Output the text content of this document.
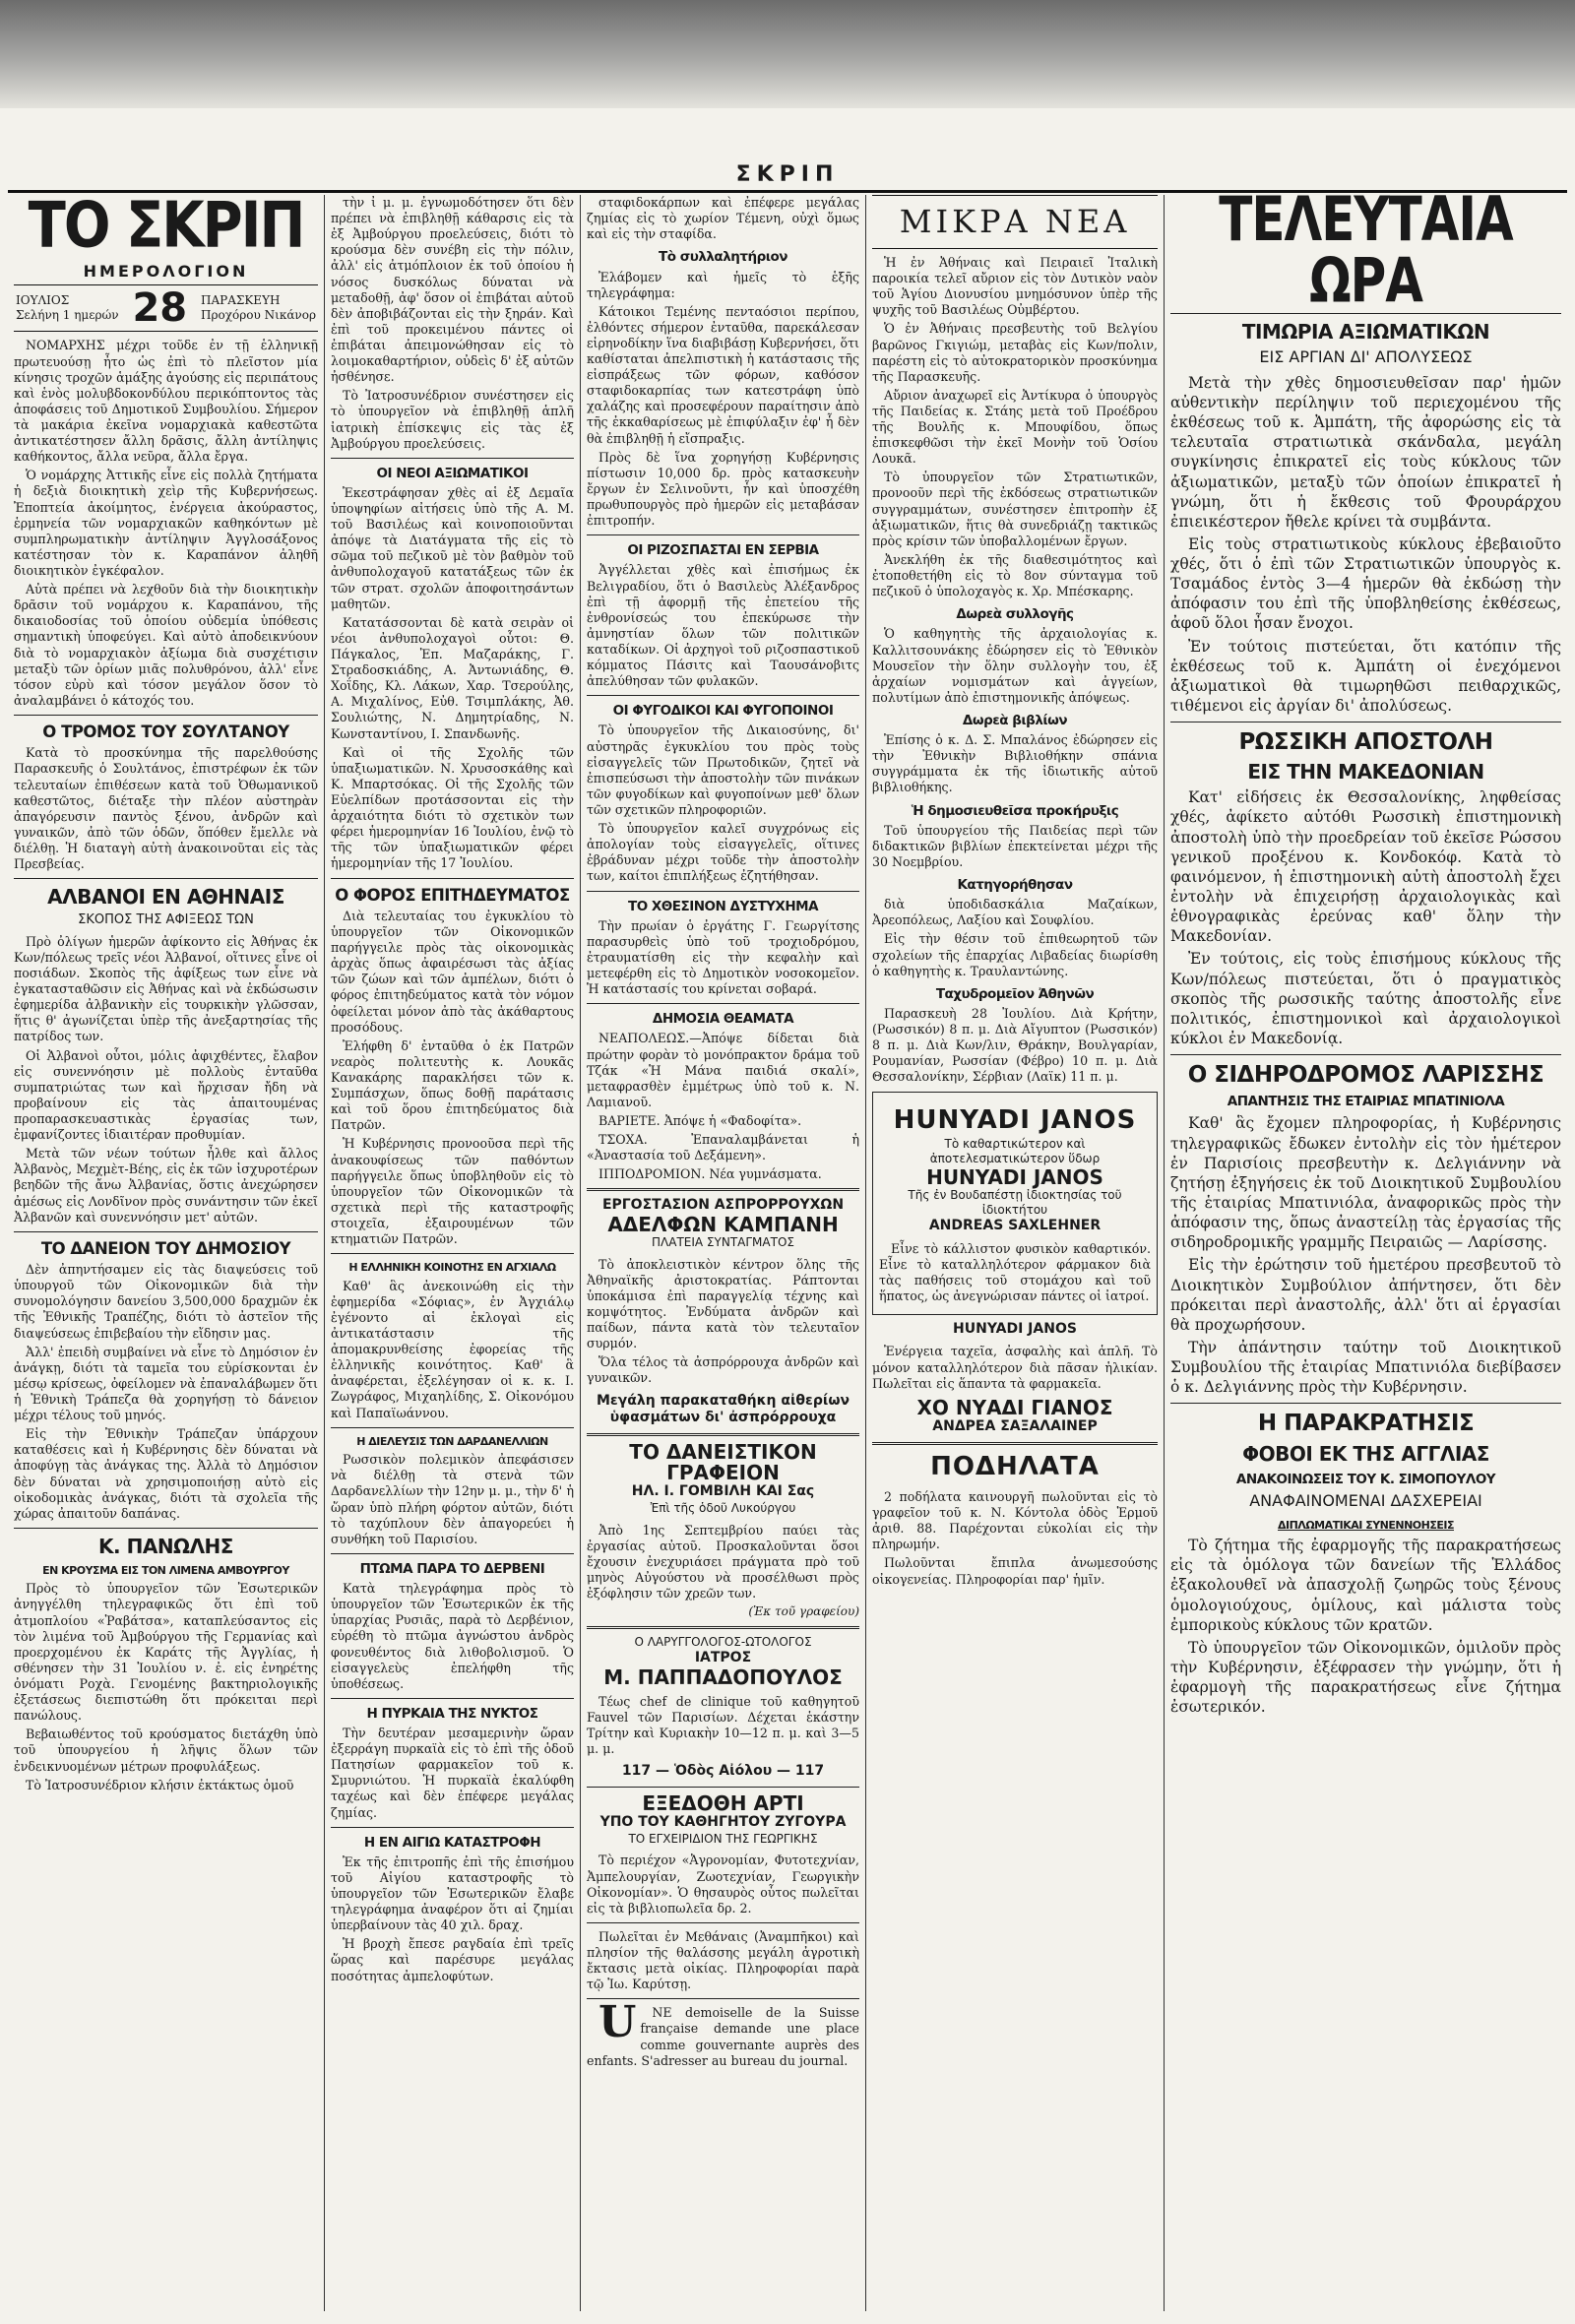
ΣΚΡΙΠ
ΤΟ ΣΚΡΙΠ
ΗΜΕΡΟΛΟΓΙΟΝ
ΙΟΥΛΙΟΣ
Σελήνη 1 ημερών 28 ΠΑΡΑΣΚΕΥΗ
Προχόρου Νικάνορ

ΝΟΜΑΡΧΗΣ μέχρι τοῦδε ἐν τῇ ἑλληνικῇ πρωτευούσῃ ἦτο ὡς ἐπὶ τὸ πλεῖστον μία κίνησις τροχῶν ἁμάξης ἀγούσης εἰς περιπάτους καὶ ἑνὸς μολυβδοκονδύλου περικόπτοντος τὰς ἀποφάσεις τοῦ Δημοτικοῦ Συμβουλίου. Σήμερον τὰ μακάρια ἐκεῖνα νομαρχιακὰ καθεστῶτα ἀντικατέστησεν ἄλλη δρᾶσις, ἄλλη ἀντίληψις καθήκοντος, ἄλλα νεῦρα, ἄλλα ἔργα.

Ὁ νομάρχης Ἀττικῆς εἶνε εἰς πολλὰ ζητήματα ἡ δεξιὰ διοικητικὴ χεὶρ τῆς Κυβερνήσεως. Ἐποπτεία ἀκοίμητος, ἐνέργεια ἀκούραστος, ἑρμηνεία τῶν νομαρχιακῶν καθηκόντων μὲ συμπληρωματικὴν ἀντίληψιν Ἀγγλοσάξονος κατέστησαν τὸν κ. Καραπάνον ἀληθῆ διοικητικὸν ἐγκέφαλον.

Αὐτὰ πρέπει νὰ λεχθοῦν διὰ τὴν διοικητικὴν δρᾶσιν τοῦ νομάρχου κ. Καραπάνου, τῆς δικαιοδοσίας τοῦ ὁποίου οὐδεμία ὑπόθεσις σημαντικὴ ὑποφεύγει. Καὶ αὐτὸ ἀποδεικνύουν διὰ τὸ νομαρχιακὸν ἀξίωμα διὰ συσχέτισιν μεταξὺ τῶν ὁρίων μιᾶς πολυθρόνου, ἀλλ' εἶνε τόσον εὐρὺ καὶ τόσον μεγάλον ὅσον τὸ ἀναλαμβάνει ὁ κάτοχός του.

Ο ΤΡΟΜΟΣ ΤΟΥ ΣΟΥΛΤΑΝΟΥ

Κατὰ τὸ προσκύνημα τῆς παρελθούσης Παρασκευῆς ὁ Σουλτάνος, ἐπιστρέφων ἐκ τῶν τελευταίων ἐπιθέσεων κατὰ τοῦ Ὀθωμανικοῦ καθεστῶτος, διέταξε τὴν πλέον αὐστηρὰν ἀπαγόρευσιν παντὸς ξένου, ἀνδρῶν καὶ γυναικῶν, ἀπὸ τῶν ὁδῶν, ὅπόθεν ἔμελλε νὰ διέλθῃ. Ἡ διαταγὴ αὐτὴ ἀνακοινοῦται εἰς τὰς Πρεσβείας.

ΑΛΒΑΝΟΙ ΕΝ ΑΘΗΝΑΙΣ
ΣΚΟΠΟΣ ΤΗΣ ΑΦΙΞΕΩΣ ΤΩΝ

Πρὸ ὀλίγων ἡμερῶν ἀφίκοντο εἰς Ἀθήνας ἐκ Κων/πόλεως τρεῖς νέοι Ἀλβανοί, οἵτινες εἶνε οἱ ποσιάδων. Σκοπὸς τῆς ἀφίξεως των εἶνε νὰ ἐγκατασταθῶσιν εἰς Ἀθήνας καὶ νὰ ἐκδώσωσιν ἐφημερίδα ἀλβανικὴν εἰς τουρκικὴν γλῶσσαν, ἥτις θ' ἀγωνίζεται ὑπὲρ τῆς ἀνεξαρτησίας τῆς πατρίδος των.

Οἱ Ἀλβανοὶ οὗτοι, μόλις ἀφιχθέντες, ἔλαβον εἰς συνεννόησιν μὲ πολλοὺς ἐνταῦθα συμπατριώτας των καὶ ἤρχισαν ἤδη νὰ προβαίνουν εἰς τὰς ἀπαιτουμένας προπαρασκευαστικὰς ἐργασίας των, ἐμφανίζοντες ἰδιαιτέραν προθυμίαν.

Μετὰ τῶν νέων τούτων ἦλθε καὶ ἄλλος Ἀλβανὸς, Μεχμὲτ-Βέης, εἰς ἐκ τῶν ἰσχυροτέρων βεηδῶν τῆς ἄνω Ἀλβανίας, ὅστις ἀνεχώρησεν ἀμέσως εἰς Λονδῖνον πρὸς συνάντησιν τῶν ἐκεῖ Ἀλβανῶν καὶ συνεννόησιν μετ' αὐτῶν.

ΤΟ ΔΑΝΕΙΟΝ ΤΟΥ ΔΗΜΟΣΙΟΥ

Δὲν ἀπηντήσαμεν εἰς τὰς διαψεύσεις τοῦ ὑπουργοῦ τῶν Οἰκονομικῶν διὰ τὴν συνομολόγησιν δανείου 3,500,000 δραχμῶν ἐκ τῆς Ἐθνικῆς Τραπέζης, διότι τὸ ἀστεῖον τῆς διαψεύσεως ἐπιβεβαίου τὴν εἴδησιν μας.

Ἀλλ' ἐπειδὴ συμβαίνει νὰ εἶνε τὸ Δημόσιον ἐν ἀνάγκῃ, διότι τὰ ταμεῖα του εὑρίσκονται ἐν μέσῳ κρίσεως, ὀφείλομεν νὰ ἐπαναλάβωμεν ὅτι ἡ Ἐθνικὴ Τράπεζα θὰ χορηγήσῃ τὸ δάνειον μέχρι τέλους τοῦ μηνός.

Εἰς τὴν Ἐθνικὴν Τράπεζαν ὑπάρχουν καταθέσεις καὶ ἡ Κυβέρνησις δὲν δύναται νὰ ἀποφύγῃ τὰς ἀνάγκας της. Ἀλλὰ τὸ Δημόσιον δὲν δύναται νὰ χρησιμοποιήσῃ αὐτὸ εἰς οἰκοδομικὰς ἀνάγκας, διότι τὰ σχολεῖα τῆς χώρας ἀπαιτοῦν δαπάνας.

Κ. ΠΑΝΩΛΗΣ
ΕΝ ΚΡΟΥΣΜΑ ΕΙΣ ΤΟΝ ΛΙΜΕΝΑ ΑΜΒΟΥΡΓΟΥ

Πρὸς τὸ ὑπουργεῖον τῶν Ἐσωτερικῶν ἀνηγγέλθη τηλεγραφικῶς ὅτι ἐπὶ τοῦ ἀτμοπλοίου «Ῥαβάτσα», καταπλεύσαντος εἰς τὸν λιμένα τοῦ Ἀμβούργου τῆς Γερμανίας καὶ προερχομένου ἐκ Καράτς τῆς Ἀγγλίας, ἡ σθένησεν τὴν 31 Ἰουλίου ν. ἐ. εἰς ἐνηρέτης ὀνόματι Ροχὰ. Γενομένης βακτηριολογικῆς ἐξετάσεως διεπιστώθη ὅτι πρόκειται περὶ πανώλους.

Βεβαιωθέντος τοῦ κρούσματος διετάχθη ὑπὸ τοῦ ὑπουργείου ἡ λῆψις ὅλων τῶν ἐνδεικνυομένων μέτρων προφυλάξεως.

Τὸ Ἰατροσυνέδριον κλήσιν ἐκτάκτως ὁμοῦ

τὴν ἰ μ. μ. ἐγνωμοδότησεν ὅτι δὲν πρέπει νὰ ἐπιβληθῇ κάθαρσις εἰς τὰ ἐξ Ἀμβούργου προελεύσεις, διότι τὸ κρούσμα δὲν συνέβη εἰς τὴν πόλιν, ἀλλ' εἰς ἀτμόπλοιον ἐκ τοῦ ὁποίου ἡ νόσος δυσκόλως δύναται νὰ μεταδοθῇ, ἀφ' ὅσον οἱ ἐπιβάται αὐτοῦ δὲν ἀποβιβάζονται εἰς τὴν ξηράν. Καὶ ἐπὶ τοῦ προκειμένου πάντες οἱ ἐπιβάται ἀπειμονώθησαν εἰς τὸ λοιμοκαθαρτήριον, οὐδεὶς δ' ἐξ αὐτῶν ἠσθένησε.

Τὸ Ἰατροσυνέδριον συνέστησεν εἰς τὸ ὑπουργεῖον νὰ ἐπιβληθῇ ἁπλῆ ἰατρικὴ ἐπίσκεψις εἰς τὰς ἐξ Ἀμβούργου προελεύσεις.

ΟΙ ΝΕΟΙ ΑΞΙΩΜΑΤΙΚΟΙ

Ἐκεστράφησαν χθὲς αἱ ἐξ Δεμαῖα ὑποψηφίων αἰτήσεις ὑπὸ τῆς Α. Μ. τοῦ Βασιλέως καὶ κοινοποιοῦνται ἀπόψε τὰ Διατάγματα τῆς εἰς τὸ σῶμα τοῦ πεζικοῦ μὲ τὸν βαθμὸν τοῦ ἀνθυπολοχαγοῦ κατατάξεως τῶν ἐκ τῶν στρατ. σχολῶν ἀποφοιτησάντων μαθητῶν.

Κατατάσσονται δὲ κατὰ σειρὰν οἱ νέοι ἀνθυπολοχαγοὶ οὗτοι: Θ. Πάγκαλος, Ἐπ. Μαζαράκης, Γ. Στραδοσκιάδης, Α. Ἀντωνιάδης, Θ. Χοΐδης, Κλ. Λάκων, Χαρ. Τσερούλης, Α. Μιχαλίνος, Εὐθ. Τσιμπλάκης, Ἀθ. Σουλιώτης, Ν. Δημητρίαδης, Ν. Κωνσταντίνου, Ι. Σπανδωνῆς.

Καὶ οἱ τῆς Σχολῆς τῶν ὑπαξιωματικῶν. Ν. Χρυσοσκάθης καὶ Κ. Μπαρτσόκας. Οἱ τῆς Σχολῆς τῶν Εὐελπίδων προτάσσονται εἰς τὴν ἀρχαιότητα διότι τὸ σχετικὸν των φέρει ἡμερομηνίαν 16 Ἰουλίου, ἐνῷ τὸ τῆς τῶν ὑπαξιωματικῶν φέρει ἡμερομηνίαν τῆς 17 Ἰουλίου.

Ο ΦΟΡΟΣ ΕΠΙΤΗΔΕΥΜΑΤΟΣ

Διὰ τελευταίας του ἐγκυκλίου τὸ ὑπουργεῖον τῶν Οἰκονομικῶν παρήγγειλε πρὸς τὰς οἰκονομικὰς ἀρχὰς ὅπως ἀφαιρέσωσι τὰς ἀξίας τῶν ζώων καὶ τῶν ἀμπέλων, διότι ὁ φόρος ἐπιτηδεύματος κατὰ τὸν νόμον ὀφείλεται μόνον ἀπὸ τὰς ἀκάθαρτους προσόδους.

Ἐλήφθη δ' ἐνταῦθα ὁ ἐκ Πατρῶν νεαρὸς πολιτευτὴς κ. Λουκᾶς Κανακάρης παρακλήσει τῶν κ. Συμπάσχων, ὅπως δοθῇ παράτασις καὶ τοῦ ὅρου ἐπιτηδεύματος διὰ Πατρῶν.

Ἡ Κυβέρνησις προνοοῦσα περὶ τῆς ἀνακουφίσεως τῶν παθόντων παρήγγειλε ὅπως ὑποβληθοῦν εἰς τὸ ὑπουργεῖον τῶν Οἰκονομικῶν τὰ σχετικὰ περὶ τῆς καταστροφῆς στοιχεῖα, ἐξαιρουμένων τῶν κτηματιῶν Πατρῶν.

Η ΕΛΛΗΝΙΚΗ ΚΟΙΝΟΤΗΣ ΕΝ ΑΓΧΙΑΛΩ

Καθ' ἃς ἀνεκοινώθη εἰς τὴν ἐφημερίδα «Σόφιας», ἐν Ἀγχιάλῳ ἐγένοντο αἱ ἐκλογαὶ εἰς ἀντικατάστασιν τῆς ἀπομακρυνθείσης ἐφορείας τῆς ἑλληνικῆς κοινότητος. Καθ' ἃ ἀναφέρεται, ἐξελέγησαν οἱ κ. κ. Ι. Ζωγράφος, Μιχαηλίδης, Σ. Οἰκονόμου καὶ Παπαϊωάννου.

Η ΔΙΕΛΕΥΣΙΣ ΤΩΝ ΔΑΡΔΑΝΕΛΛΙΩΝ

Ρωσσικὸν πολεμικὸν ἀπεφάσισεν νὰ διέλθῃ τὰ στενὰ τῶν Δαρδανελλίων τὴν 12ην μ. μ., τὴν δ' ἡ ὥραν ὑπὸ πλήρη φόρτον αὐτῶν, διότι τὸ ταχύπλουν δὲν ἀπαγορεύει ἡ συνθήκη τοῦ Παρισίου.

ΠΤΩΜΑ ΠΑΡΑ ΤΟ ΔΕΡΒΕΝΙ

Κατὰ τηλεγράφημα πρὸς τὸ ὑπουργεῖον τῶν Ἐσωτερικῶν ἐκ τῆς ὑπαρχίας Ρυσιᾶς, παρὰ τὸ Δερβένιον, εὑρέθη τὸ πτῶμα ἀγνώστου ἀνδρὸς φονευθέντος διὰ λιθοβολισμοῦ. Ὁ εἰσαγγελεὺς ἐπελήφθη τῆς ὑποθέσεως.

Η ΠΥΡΚΑΙΑ ΤΗΣ ΝΥΚΤΟΣ

Τὴν δευτέραν μεσαμερινὴν ὥραν ἐξερράγη πυρκαϊὰ εἰς τὸ ἐπὶ τῆς ὁδοῦ Πατησίων φαρμακεῖον τοῦ κ. Σμυρνιώτου. Ἡ πυρκαϊὰ ἐκαλύφθη ταχέως καὶ δὲν ἐπέφερε μεγάλας ζημίας.

Η ΕΝ ΑΙΓΙΩ ΚΑΤΑΣΤΡΟΦΗ

Ἐκ τῆς ἐπιτροπῆς ἐπὶ τῆς ἐπισήμου τοῦ Αἰγίου καταστροφῆς τὸ ὑπουργεῖον τῶν Ἐσωτερικῶν ἔλαβε τηλεγράφημα ἀναφέρον ὅτι αἱ ζημίαι ὑπερβαίνουν τὰς 40 χιλ. δραχ.

Ἡ βροχὴ ἔπεσε ραγδαία ἐπὶ τρεῖς ὥρας καὶ παρέσυρε μεγάλας ποσότητας ἀμπελοφύτων.

σταφιδοκάρπων καὶ ἐπέφερε μεγάλας ζημίας εἰς τὸ χωρίον Τέμενη, οὐχὶ ὅμως καὶ εἰς τὴν σταφίδα.

Τὸ συλλαλητήριον

Ἐλάβομεν καὶ ἡμεῖς τὸ ἑξῆς τηλεγράφημα:

Κάτοικοι Τεμένης πενταόσιοι περίπου, ἐλθόντες σήμερον ἐνταῦθα, παρεκάλεσαν εἰρηνοδίκην ἵνα διαβιβάσῃ Κυβερνήσει, ὅτι καθίσταται ἀπελπιστικὴ ἡ κατάστασις τῆς εἰσπράξεως τῶν φόρων, καθόσον σταφιδοκαρπίας των κατεστράφη ὑπὸ χαλάζης καὶ προσεφέρουν παραίτησιν ἀπὸ τῆς ἐκκαθαρίσεως μὲ ἐπιφύλαξιν ἐφ' ἧ δὲν θὰ ἐπιβληθῇ ἡ εἴσπραξις.

Πρὸς δὲ ἵνα χορηγήσῃ Κυβέρνησις πίστωσιν 10,000 δρ. πρὸς κατασκευὴν ἔργων ἐν Σελινοῦντι, ἧν καὶ ὑποσχέθη πρωθυπουργὸς πρὸ ἡμερῶν εἰς μεταβάσαν ἐπιτροπήν.

ΟΙ ΡΙΖΟΣΠΑΣΤΑΙ ΕΝ ΣΕΡΒΙΑ

Ἀγγέλλεται χθὲς καὶ ἐπισήμως ἐκ Βελιγραδίου, ὅτι ὁ Βασιλεὺς Ἀλέξανδρος ἐπὶ τῇ ἀφορμῇ τῆς ἐπετείου τῆς ἐνθρονίσεώς του ἐπεκύρωσε τὴν ἀμνηστίαν ὅλων τῶν πολιτικῶν καταδίκων. Οἱ ἀρχηγοὶ τοῦ ριζοσπαστικοῦ κόμματος Πάσιτς καὶ Ταουσάνοβιτς ἀπελύθησαν τῶν φυλακῶν.

ΟΙ ΦΥΓΟΔΙΚΟΙ ΚΑΙ ΦΥΓΟΠΟΙΝΟΙ

Τὸ ὑπουργεῖον τῆς Δικαιοσύνης, δι' αὐστηρᾶς ἐγκυκλίου του πρὸς τοὺς εἰσαγγελεῖς τῶν Πρωτοδικῶν, ζητεῖ νὰ ἐπισπεύσωσι τὴν ἀποστολὴν τῶν πινάκων τῶν φυγοδίκων καὶ φυγοποίνων μεθ' ὅλων τῶν σχετικῶν πληροφοριῶν.

Τὸ ὑπουργεῖον καλεῖ συγχρόνως εἰς ἀπολογίαν τοὺς εἰσαγγελεῖς, οἵτινες ἐβράδυναν μέχρι τοῦδε τὴν ἀποστολὴν των, καίτοι ἐπιπλήξεως ἐζητήθησαν.

ΤΟ ΧΘΕΣΙΝΟΝ ΔΥΣΤΥΧΗΜΑ

Τὴν πρωίαν ὁ ἐργάτης Γ. Γεωργίτσης παρασυρθεὶς ὑπὸ τοῦ τροχιοδρόμου, ἐτραυματίσθη εἰς τὴν κεφαλὴν καὶ μετεφέρθη εἰς τὸ Δημοτικὸν νοσοκομεῖον. Ἡ κατάστασίς του κρίνεται σοβαρά.

ΔΗΜΟΣΙΑ ΘΕΑΜΑΤΑ

ΝΕΑΠΟΛΕΩΣ.—Ἀπόψε δίδεται διὰ πρώτην φορὰν τὸ μονόπρακτον δράμα τοῦ Τζάκ «Ἡ Μάνα παιδιά σκαλί», μεταφρασθὲν ἐμμέτρως ὑπὸ τοῦ κ. Ν. Λαμιανοῦ.

ΒΑΡΙΕΤΕ. Ἀπόψε ἡ «Φαδοφίτα».

ΤΣΟΧΑ. Ἐπαναλαμβάνεται ἡ «Ἀναστασία τοῦ Δεξάμενη».

ΙΠΠΟΔΡΟΜΙΟΝ. Νέα γυμνάσματα.

ΕΡΓΟΣΤΑΣΙΟΝ ΑΣΠΡΟΡΡΟΥΧΩΝ
ΑΔΕΛΦΩΝ ΚΑΜΠΑΝΗ
ΠΛΑΤΕΙΑ ΣΥΝΤΑΓΜΑΤΟΣ

Τὸ ἀποκλειστικὸν κέντρον ὅλης τῆς Ἀθηναϊκῆς ἀριστοκρατίας. Ράπτονται ὑποκάμισα ἐπὶ παραγγελίᾳ τέχνης καὶ κομψότητος. Ἐνδύματα ἀνδρῶν καὶ παίδων, πάντα κατὰ τὸν τελευταῖον συρμόν.

Ὅλα τέλος τὰ ἀσπρόρρουχα ἀνδρῶν καὶ γυναικῶν.

Μεγάλη παρακαταθήκη αἰθερίων ὑφασμάτων δι' ἀσπρόρρουχα
ΤΟ ΔΑΝΕΙΣΤΙΚΟΝ ΓΡΑΦΕΙΟΝ
ΗΛ. Ι. ΓΟΜΒΙΛΗ ΚΑΙ Σας
Ἐπὶ τῆς ὁδοῦ Λυκούργου

Ἀπὸ 1ης Σεπτεμβρίου παύει τὰς ἐργασίας αὐτοῦ. Προσκαλοῦνται ὅσοι ἔχουσιν ἐνεχυριάσει πράγματα πρὸ τοῦ μηνὸς Αὐγούστου νὰ προσέλθωσι πρὸς ἐξόφλησιν τῶν χρεῶν των.

(Ἐκ τοῦ γραφείου)
Ο ΛΑΡΥΓΓΟΛΟΓΟΣ-ΩΤΟΛΟΓΟΣ
ΙΑΤΡΟΣ
Μ. ΠΑΠΠΑΔΟΠΟΥΛΟΣ

Τέως chef de clinique τοῦ καθηγητοῦ Fauvel τῶν Παρισίων. Δέχεται ἑκάστην Τρίτην καὶ Κυριακὴν 10—12 π. μ. καὶ 3—5 μ. μ.

117 — Ὁδὸς Αἰόλου — 117
ΕΞΕΔΟΘΗ ΑΡΤΙ
ΥΠΟ ΤΟΥ ΚΑΘΗΓΗΤΟΥ ΖΥΓΟΥΡΑ
ΤΟ ΕΓΧΕΙΡΙΔΙΟΝ ΤΗΣ ΓΕΩΡΓΙΚΗΣ

Τὸ περιέχον «Ἀγρονομίαν, Φυτοτεχνίαν, Ἀμπελουργίαν, Ζωοτεχνίαν, Γεωργικὴν Οἰκονομίαν». Ὁ θησαυρὸς οὗτος πωλεῖται εἰς τὰ βιβλιοπωλεῖα δρ. 2.

Πωλεῖται ἐν Μεθάναις (Ἀναμπῆκοι) καὶ πλησίον τῆς θαλάσσης μεγάλη ἀγροτικὴ ἔκτασις μετὰ οἰκίας. Πληροφορίαι παρὰ τῷ Ἰω. Καρύτσῃ.

UNE demoiselle de la Suisse française demande une place comme gouvernante auprès des enfants. S'adresser au bureau du journal.

ΜΙΚΡΑ ΝΕΑ

Ἡ ἐν Ἀθήναις καὶ Πειραιεῖ Ἰταλικὴ παροικία τελεῖ αὔριον εἰς τὸν Δυτικὸν ναὸν τοῦ Ἁγίου Διονυσίου μνημόσυνον ὑπὲρ τῆς ψυχῆς τοῦ Βασιλέως Οὐμβέρτου.

Ὁ ἐν Ἀθήναις πρεσβευτὴς τοῦ Βελγίου βαρῶνος Γκιγιώμ, μεταβὰς εἰς Κων/πολιν, παρέστη εἰς τὸ αὐτοκρατορικὸν προσκύνημα τῆς Παρασκευῆς.

Αὔριον ἀναχωρεῖ εἰς Ἀντίκυρα ὁ ὑπουργὸς τῆς Παιδείας κ. Στάης μετὰ τοῦ Προέδρου τῆς Βουλῆς κ. Μπουφίδου, ὅπως ἐπισκεφθῶσι τὴν ἐκεῖ Μονὴν τοῦ Ὁσίου Λουκᾶ.

Τὸ ὑπουργεῖον τῶν Στρατιωτικῶν, προνοοῦν περὶ τῆς ἐκδόσεως στρατιωτικῶν συγγραμμάτων, συνέστησεν ἐπιτροπὴν ἐξ ἀξιωματικῶν, ἥτις θὰ συνεδριάζῃ τακτικῶς πρὸς κρίσιν τῶν ὑποβαλλομένων ἔργων.

Ἀνεκλήθη ἐκ τῆς διαθεσιμότητος καὶ ἐτοποθετήθη εἰς τὸ 8ον σύνταγμα τοῦ πεζικοῦ ὁ ὑπολοχαγὸς κ. Χρ. Μπέσκαρης.

Δωρεὰ συλλογῆς

Ὁ καθηγητὴς τῆς ἀρχαιολογίας κ. Καλλιτσουνάκης ἐδώρησεν εἰς τὸ Ἐθνικὸν Μουσεῖον τὴν ὅλην συλλογὴν του, ἐξ ἀρχαίων νομισμάτων καὶ ἀγγείων, πολυτίμων ἀπὸ ἐπιστημονικῆς ἀπόψεως.

Δωρεὰ βιβλίων

Ἐπίσης ὁ κ. Δ. Σ. Μπαλάνος ἐδώρησεν εἰς τὴν Ἐθνικὴν Βιβλιοθήκην σπάνια συγγράμματα ἐκ τῆς ἰδιωτικῆς αὐτοῦ βιβλιοθήκης.

Ἡ δημοσιευθεῖσα προκήρυξις

Τοῦ ὑπουργείου τῆς Παιδείας περὶ τῶν διδακτικῶν βιβλίων ἐπεκτείνεται μέχρι τῆς 30 Νοεμβρίου.

Κατηγορήθησαν

διὰ ὑποδιδασκάλια Μαζαίκων, Ἀρεοπόλεως, Λαξίου καὶ Σουφλίου.

Εἰς τὴν θέσιν τοῦ ἐπιθεωρητοῦ τῶν σχολείων τῆς ἐπαρχίας Λιβαδείας διωρίσθη ὁ καθηγητὴς κ. Τραυλαντώνης.

Ταχυδρομεῖον Ἀθηνῶν

Παρασκευὴ 28 Ἰουλίου. Διὰ Κρήτην, (Ρωσσικόν) 8 π. μ. Διὰ Αἴγυπτον (Ρωσσικόν) 8 π. μ. Διὰ Κων/λιν, Θράκην, Βουλγαρίαν, Ρουμανίαν, Ρωσσίαν (Φέβρο) 10 π. μ. Διὰ Θεσσαλονίκην, Σέρβιαν (Λαϊκ) 11 π. μ.

HUNYADI JANOS
Τὸ καθαρτικώτερον καὶ ἀποτελεσματικώτερον ὕδωρ
HUNYADI JANOS
Τῆς ἐν Βουδαπέστῃ ἰδιοκτησίας τοῦ ἰδιοκτήτου
ANDREAS SAXLEHNER

Εἶνε τὸ κάλλιστον φυσικὸν καθαρτικόν. Εἶνε τὸ καταλληλότερον φάρμακον διὰ τὰς παθήσεις τοῦ στομάχου καὶ τοῦ ἥπατος, ὡς ἀνεγνώρισαν πάντες οἱ ἰατροί.

HUNYADI JANOS

Ἐνέργεια ταχεῖα, ἀσφαλὴς καὶ ἁπλῆ. Τὸ μόνον καταλληλότερον διὰ πᾶσαν ἡλικίαν. Πωλεῖται εἰς ἅπαντα τὰ φαρμακεῖα.

ΧΟ ΝΥΑΔΙ ΓΙΑΝΟΣ
ΑΝΔΡΕΑ ΣΑΞΑΛΑΙΝΕΡ
ΠΟΔΗΛΑΤΑ

2 ποδήλατα καινουργῆ πωλοῦνται εἰς τὸ γραφεῖον τοῦ κ. Ν. Κόντολα ὁδὸς Ἑρμοῦ ἀριθ. 88. Παρέχονται εὐκολίαι εἰς τὴν πληρωμήν.

Πωλοῦνται ἔπιπλα ἀνωμεσούσης οἰκογενείας. Πληροφορίαι παρ' ἡμῖν.

ΤΕΛΕΥΤΑΙΑ ΩΡΑ
ΤΙΜΩΡΙΑ ΑΞΙΩΜΑΤΙΚΩΝ
ΕΙΣ ΑΡΓΙΑΝ ΔΙ' ΑΠΟΛΥΣΕΩΣ

Μετὰ τὴν χθὲς δημοσιευθεῖσαν παρ' ἡμῶν αὐθεντικὴν περίληψιν τοῦ περιεχομένου τῆς ἐκθέσεως τοῦ κ. Ἀμπάτη, τῆς ἀφορώσης εἰς τὰ τελευταῖα στρατιωτικὰ σκάνδαλα, μεγάλη συγκίνησις ἐπικρατεῖ εἰς τοὺς κύκλους τῶν ἀξιωματικῶν, μεταξὺ τῶν ὁποίων ἐπικρατεῖ ἡ γνώμη, ὅτι ἡ ἔκθεσις τοῦ Φρουράρχου ἐπιεικέστερον ἤθελε κρίνει τὰ συμβάντα.

Εἰς τοὺς στρατιωτικοὺς κύκλους ἐβεβαιοῦτο χθές, ὅτι ὁ ἐπὶ τῶν Στρατιωτικῶν ὑπουργὸς κ. Τσαμάδος ἐντὸς 3—4 ἡμερῶν θὰ ἐκδώσῃ τὴν ἀπόφασιν του ἐπὶ τῆς ὑποβληθείσης ἐκθέσεως, ἀφοῦ ὅλοι ἦσαν ἔνοχοι.

Ἐν τούτοις πιστεύεται, ὅτι κατόπιν τῆς ἐκθέσεως τοῦ κ. Ἀμπάτη οἱ ἐνεχόμενοι ἀξιωματικοὶ θὰ τιμωρηθῶσι πειθαρχικῶς, τιθέμενοι εἰς ἀργίαν δι' ἀπολύσεως.

ΡΩΣΣΙΚΗ ΑΠΟΣΤΟΛΗ
ΕΙΣ ΤΗΝ ΜΑΚΕΔΟΝΙΑΝ

Κατ' εἰδήσεις ἐκ Θεσσαλονίκης, ληφθείσας χθές, ἀφίκετο αὐτόθι Ρωσσικὴ ἐπιστημονικὴ ἀποστολὴ ὑπὸ τὴν προεδρείαν τοῦ ἐκεῖσε Ρώσσου γενικοῦ προξένου κ. Κονδοκόφ. Κατὰ τὸ φαινόμενον, ἡ ἐπιστημονικὴ αὐτὴ ἀποστολὴ ἔχει ἐντολὴν νὰ ἐπιχειρήσῃ ἀρχαιολογικὰς καὶ ἐθνογραφικὰς ἐρεύνας καθ' ὅλην τὴν Μακεδονίαν.

Ἐν τούτοις, εἰς τοὺς ἐπισήμους κύκλους τῆς Κων/πόλεως πιστεύεται, ὅτι ὁ πραγματικὸς σκοπὸς τῆς ρωσσικῆς ταύτης ἀποστολῆς εἶνε πολιτικός, ἐπιστημονικοὶ καὶ ἀρχαιολογικοὶ κύκλοι ἐν Μακεδονίᾳ.

Ο ΣΙΔΗΡΟΔΡΟΜΟΣ ΛΑΡΙΣΣΗΣ
ΑΠΑΝΤΗΣΙΣ ΤΗΣ ΕΤΑΙΡΙΑΣ ΜΠΑΤΙΝΙΟΛΑ

Καθ' ἃς ἔχομεν πληροφορίας, ἡ Κυβέρνησις τηλεγραφικῶς ἔδωκεν ἐντολὴν εἰς τὸν ἡμέτερον ἐν Παρισίοις πρεσβευτὴν κ. Δελγιάννην νὰ ζητήσῃ ἐξηγήσεις ἐκ τοῦ Διοικητικοῦ Συμβουλίου τῆς ἑταιρίας Μπατινιόλα, ἀναφορικῶς πρὸς τὴν ἀπόφασιν της, ὅπως ἀναστείλῃ τὰς ἐργασίας τῆς σιδηροδρομικῆς γραμμῆς Πειραιῶς — Λαρίσσης.

Εἰς τὴν ἐρώτησιν τοῦ ἡμετέρου πρεσβευτοῦ τὸ Διοικητικὸν Συμβούλιον ἀπήντησεν, ὅτι δὲν πρόκειται περὶ ἀναστολῆς, ἀλλ' ὅτι αἱ ἐργασίαι θὰ προχωρήσουν.

Τὴν ἀπάντησιν ταύτην τοῦ Διοικητικοῦ Συμβουλίου τῆς ἑταιρίας Μπατινιόλα διεβίβασεν ὁ κ. Δελγιάννης πρὸς τὴν Κυβέρνησιν.

Η ΠΑΡΑΚΡΑΤΗΣΙΣ
ΦΟΒΟΙ ΕΚ ΤΗΣ ΑΓΓΛΙΑΣ
ΑΝΑΚΟΙΝΩΣΕΙΣ ΤΟΥ Κ. ΣΙΜΟΠΟΥΛΟΥ
ΑΝΑΦΑΙΝΟΜΕΝΑΙ ΔΑΣΧΕΡΕΙΑΙ
ΔΙΠΛΩΜΑΤΙΚΑΙ ΣΥΝΕΝΝΟΗΣΕΙΣ

Τὸ ζήτημα τῆς ἐφαρμογῆς τῆς παρακρατήσεως εἰς τὰ ὁμόλογα τῶν δανείων τῆς Ἑλλάδος ἐξακολουθεῖ νὰ ἀπασχολῇ ζωηρῶς τοὺς ξένους ὁμολογιούχους, ὁμίλους, καὶ μάλιστα τοὺς ἐμπορικοὺς κύκλους τῶν κρατῶν.

Τὸ ὑπουργεῖον τῶν Οἰκονομικῶν, ὁμιλοῦν πρὸς τὴν Κυβέρνησιν, ἐξέφρασεν τὴν γνώμην, ὅτι ἡ ἐφαρμογὴ τῆς παρακρατήσεως εἶνε ζήτημα ἐσωτερικόν.
